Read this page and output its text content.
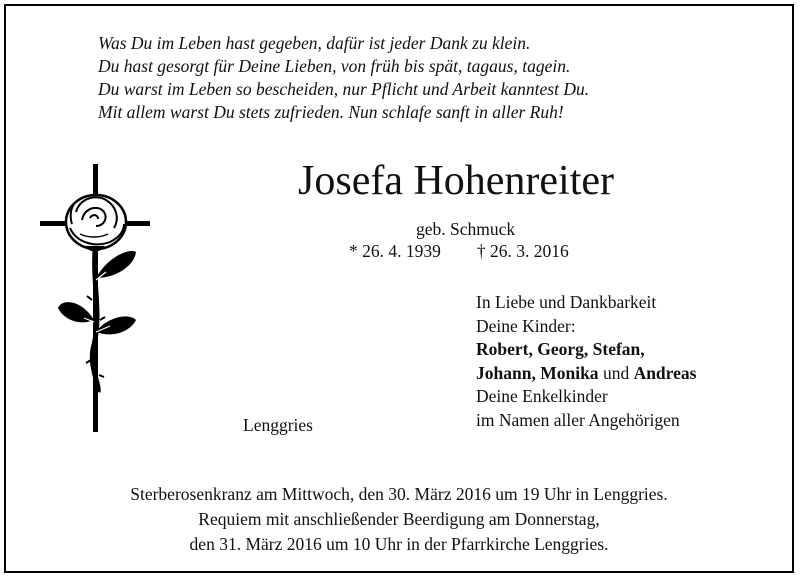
Was Du im Leben hast gegeben, dafür ist jeder Dank zu klein.
Du hast gesorgt für Deine Lieben, von früh bis spät, tagaus, tagein.
Du warst im Leben so bescheiden, nur Pflicht und Arbeit kanntest Du.
Mit allem warst Du stets zufrieden. Nun schlafe sanft in aller Ruh!
Josefa Hohenreiter
geb. Schmuck
* 26. 4. 1939 † 26. 3. 2016
In Liebe und Dankbarkeit
Deine Kinder:
Robert, Georg, Stefan,
Johann, Monika und Andreas
Deine Enkelkinder
im Namen aller Angehörigen
Lenggries
Sterberosenkranz am Mittwoch, den 30. März 2016 um 19 Uhr in Lenggries.
Requiem mit anschließender Beerdigung am Donnerstag,
den 31. März 2016 um 10 Uhr in der Pfarrkirche Lenggries.
